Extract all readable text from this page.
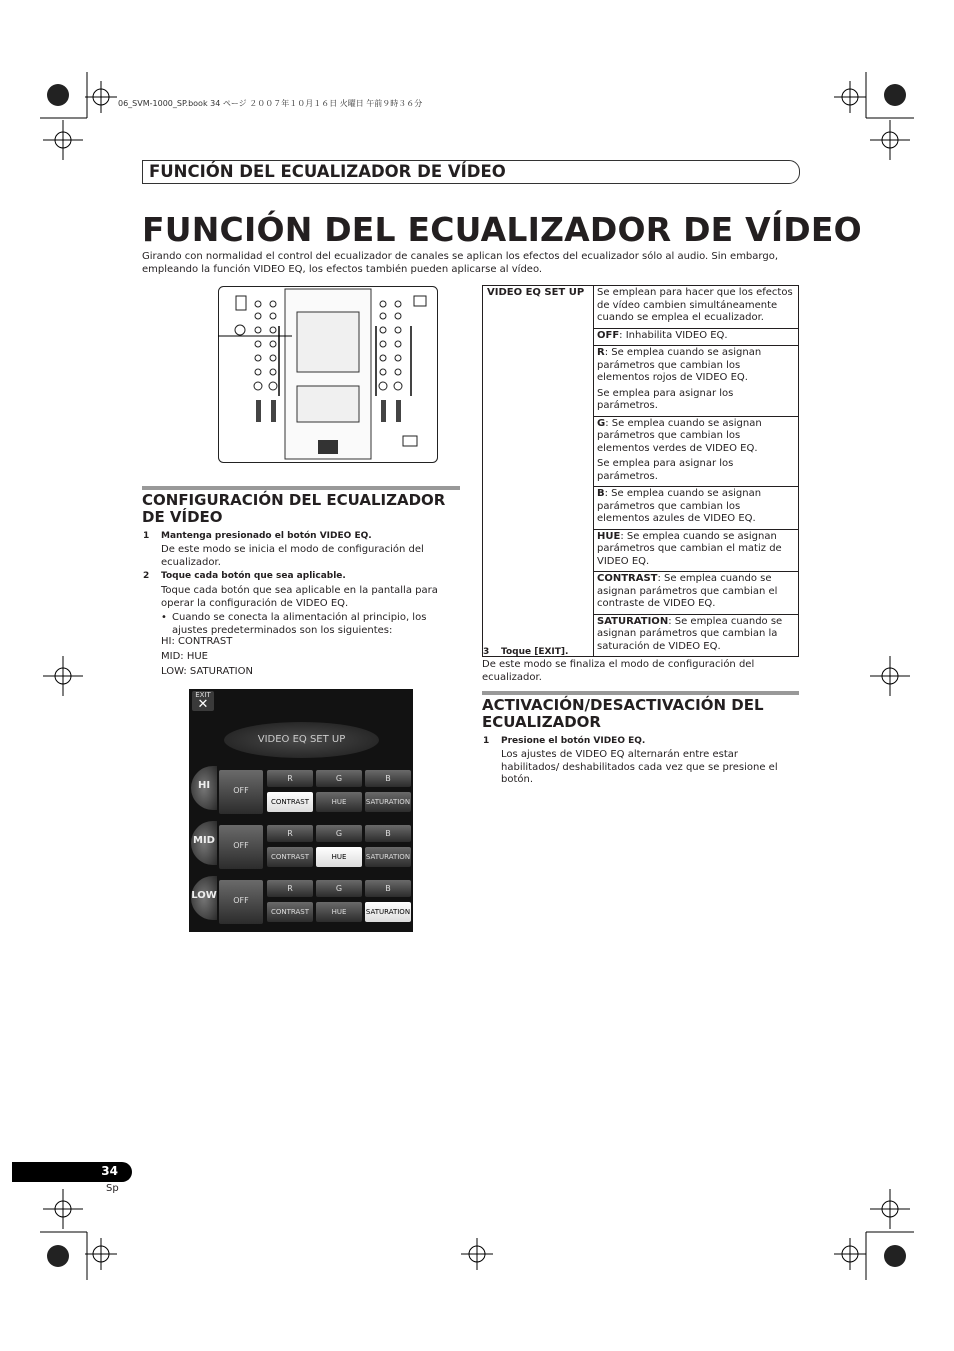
06_SVM-1000_SP.book 34 ページ ２００７年１０月１６日 火曜日 午前９時３６分
FUNCIÓN DEL ECUALIZADOR DE VÍDEO
FUNCIÓN DEL ECUALIZADOR DE VÍDEO
Girando con normalidad el control del ecualizador de canales se aplican los efectos del ecualizador sólo al audio. Sin embargo, empleando la función VIDEO EQ, los efectos también pueden aplicarse al vídeo.
CONFIGURACIÓN DEL ECUALIZADOR DE VÍDEO
1 Mantenga presionado el botón VIDEO EQ.
De este modo se inicia el modo de configuración del ecualizador.
2 Toque cada botón que sea aplicable.
Toque cada botón que sea aplicable en la pantalla para operar la configuración de VIDEO EQ.
• Cuando se conecta la alimentación al principio, los ajustes predeterminados son los siguientes:
HI: CONTRAST
MID: HUE
LOW: SATURATION
EXIT
✕
VIDEO EQ SET UP
HI	OFF
R	G	B
CONTRAST	HUE	SATURATION
MID	OFF
R	G	B
CONTRAST	HUE	SATURATION
LOW	OFF
R	G	B
CONTRAST	HUE	SATURATION
VIDEO EQ SET UP	Se emplean para hacer que los efectos de vídeo cambien simultáneamente cuando se emplea el ecualizador.
OFF: Inhabilita VIDEO EQ.
R: Se emplea cuando se asignan parámetros que cambian los elementos rojos de VIDEO EQ.
Se emplea para asignar los parámetros.

G: Se emplea cuando se asignan parámetros que cambian los elementos verdes de VIDEO EQ.
Se emplea para asignar los parámetros.

B: Se emplea cuando se asignan parámetros que cambian los elementos azules de VIDEO EQ.
HUE: Se emplea cuando se asignan parámetros que cambian el matiz de VIDEO EQ.
CONTRAST: Se emplea cuando se asignan parámetros que cambian el contraste de VIDEO EQ.
SATURATION: Se emplea cuando se asignan parámetros que cambian la saturación de VIDEO EQ.
3 Toque [EXIT].
De este modo se finaliza el modo de configuración del ecualizador.
ACTIVACIÓN/DESACTIVACIÓN DEL ECUALIZADOR
1 Presione el botón VIDEO EQ.
Los ajustes de VIDEO EQ alternarán entre estar habilitados/ deshabilitados cada vez que se presione el botón.
34
Sp
